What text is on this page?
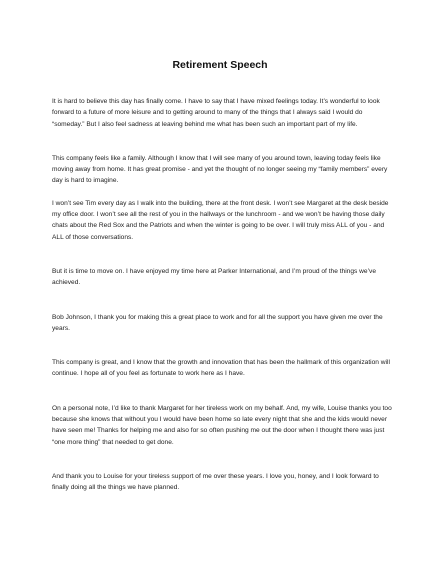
Retirement Speech

It is hard to believe this day has finally come. I have to say that I have mixed feelings today. It’s wonderful to look forward to a future of more leisure and to getting around to many of the things that I always said I would do “someday.” But I also feel sadness at leaving behind me what has been such an important part of my life.

This company feels like a family. Although I know that I will see many of you around town, leaving today feels like moving away from home. It has great promise - and yet the thought of no longer seeing my “family members” every day is hard to imagine.

I won’t see Tim every day as I walk into the building, there at the front desk. I won’t see Margaret at the desk beside my office door. I won’t see all the rest of you in the hallways or the lunchroom - and we won’t be having those daily chats about the Red Sox and the Patriots and when the winter is going to be over. I will truly miss ALL of you - and ALL of those conversations.

But it is time to move on. I have enjoyed my time here at Parker International, and I’m proud of the things we’ve achieved.

Bob Johnson, I thank you for making this a great place to work and for all the support you have given me over the years.

This company is great, and I know that the growth and innovation that has been the hallmark of this organization will continue. I hope all of you feel as fortunate to work here as I have.

On a personal note, I’d like to thank Margaret for her tireless work on my behalf. And, my wife, Louise thanks you too because she knows that without you I would have been home so late every night that she and the kids would never have seen me! Thanks for helping me and also for so often pushing me out the door when I thought there was just “one more thing” that needed to get done.

And thank you to Louise for your tireless support of me over these years. I love you, honey, and I look forward to finally doing all the things we have planned.
